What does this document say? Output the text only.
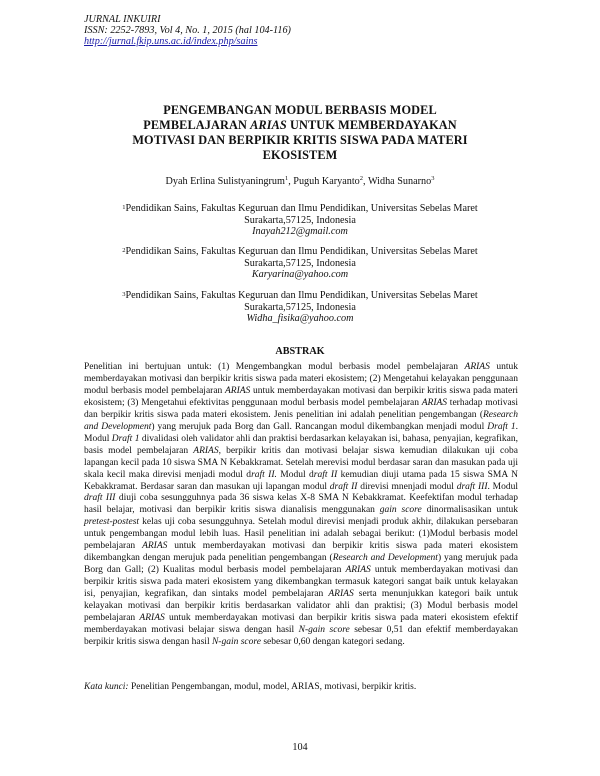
JURNAL INKUIRI
ISSN: 2252-7893, Vol 4, No. 1, 2015 (hal 104-116)
http://jurnal.fkip.uns.ac.id/index.php/sains
PENGEMBANGAN MODUL BERBASIS MODEL
PEMBELAJARAN ARIAS UNTUK MEMBERDAYAKAN
MOTIVASI DAN BERPIKIR KRITIS SISWA PADA MATERI
EKOSISTEM
Dyah Erlina Sulistyaningrum$^1$, Puguh Karyanto$^2$, Widha Sunarno$^3$
$^1$Pendidikan Sains, Fakultas Keguruan dan Ilmu Pendidikan, Universitas Sebelas Maret
Surakarta,57125, Indonesia
Inayah212@gmail.com
$^2$Pendidikan Sains, Fakultas Keguruan dan Ilmu Pendidikan, Universitas Sebelas Maret
Surakarta,57125, Indonesia
Karyarina@yahoo.com
$^3$Pendidikan Sains, Fakultas Keguruan dan Ilmu Pendidikan, Universitas Sebelas Maret
Surakarta,57125, Indonesia
Widha_fisika@yahoo.com
ABSTRAK
Penelitian ini bertujuan untuk: (1) Mengembangkan modul berbasis model pembelajaran ARIAS untuk memberdayakan motivasi dan berpikir kritis siswa pada materi ekosistem; (2) Mengetahui kelayakan penggunaan modul berbasis model pembelajaran ARIAS untuk memberdayakan motivasi dan berpikir kritis siswa pada materi ekosistem; (3) Mengetahui efektivitas penggunaan modul berbasis model pembelajaran ARIAS terhadap motivasi dan berpikir kritis siswa pada materi ekosistem. Jenis penelitian ini adalah penelitian pengembangan (Research and Development) yang merujuk pada Borg dan Gall. Rancangan modul dikembangkan menjadi modul Draft 1. Modul Draft 1 divalidasi oleh validator ahli dan praktisi berdasarkan kelayakan isi, bahasa, penyajian, kegrafikan, basis model pembelajaran ARIAS, berpikir kritis dan motivasi belajar siswa kemudian dilakukan uji coba lapangan kecil pada 10 siswa SMA N Kebakkramat. Setelah merevisi modul berdasar saran dan masukan pada uji skala kecil maka direvisi menjadi modul draft II. Modul draft II kemudian diuji utama pada 15 siswa SMA N Kebakkramat. Berdasar saran dan masukan uji lapangan modul draft II direvisi mnenjadi modul draft III. Modul draft III diuji coba sesungguhnya pada 36 siswa kelas X-8 SMA N Kebakkramat. Keefektifan modul terhadap hasil belajar, motivasi dan berpikir kritis siswa dianalisis menggunakan gain score dinormalisasikan untuk pretest-postest kelas uji coba sesungguhnya. Setelah modul direvisi menjadi produk akhir, dilakukan persebaran untuk pengembangan modul lebih luas. Hasil penelitian ini adalah sebagai berikut: (1)Modul berbasis model pembelajaran ARIAS untuk memberdayakan motivasi dan berpikir kritis siswa pada materi ekosistem dikembangkan dengan merujuk pada penelitian pengembangan (Research and Development) yang merujuk pada Borg dan Gall; (2) Kualitas modul berbasis model pembelajaran ARIAS untuk memberdayakan motivasi dan berpikir kritis siswa pada materi ekosistem yang dikembangkan termasuk kategori sangat baik untuk kelayakan isi, penyajian, kegrafikan, dan sintaks model pembelajaran ARIAS serta menunjukkan kategori baik untuk kelayakan motivasi dan berpikir kritis berdasarkan validator ahli dan praktisi; (3) Modul berbasis model pembelajaran ARIAS untuk memberdayakan motivasi dan berpikir kritis siswa pada materi ekosistem efektif memberdayakan motivasi belajar siswa dengan hasil N-gain score sebesar 0,51 dan efektif memberdayakan berpikir kritis siswa dengan hasil N-gain score sebesar 0,60 dengan kategori sedang.
Kata kunci: Penelitian Pengembangan, modul, model, ARIAS, motivasi, berpikir kritis.
104
